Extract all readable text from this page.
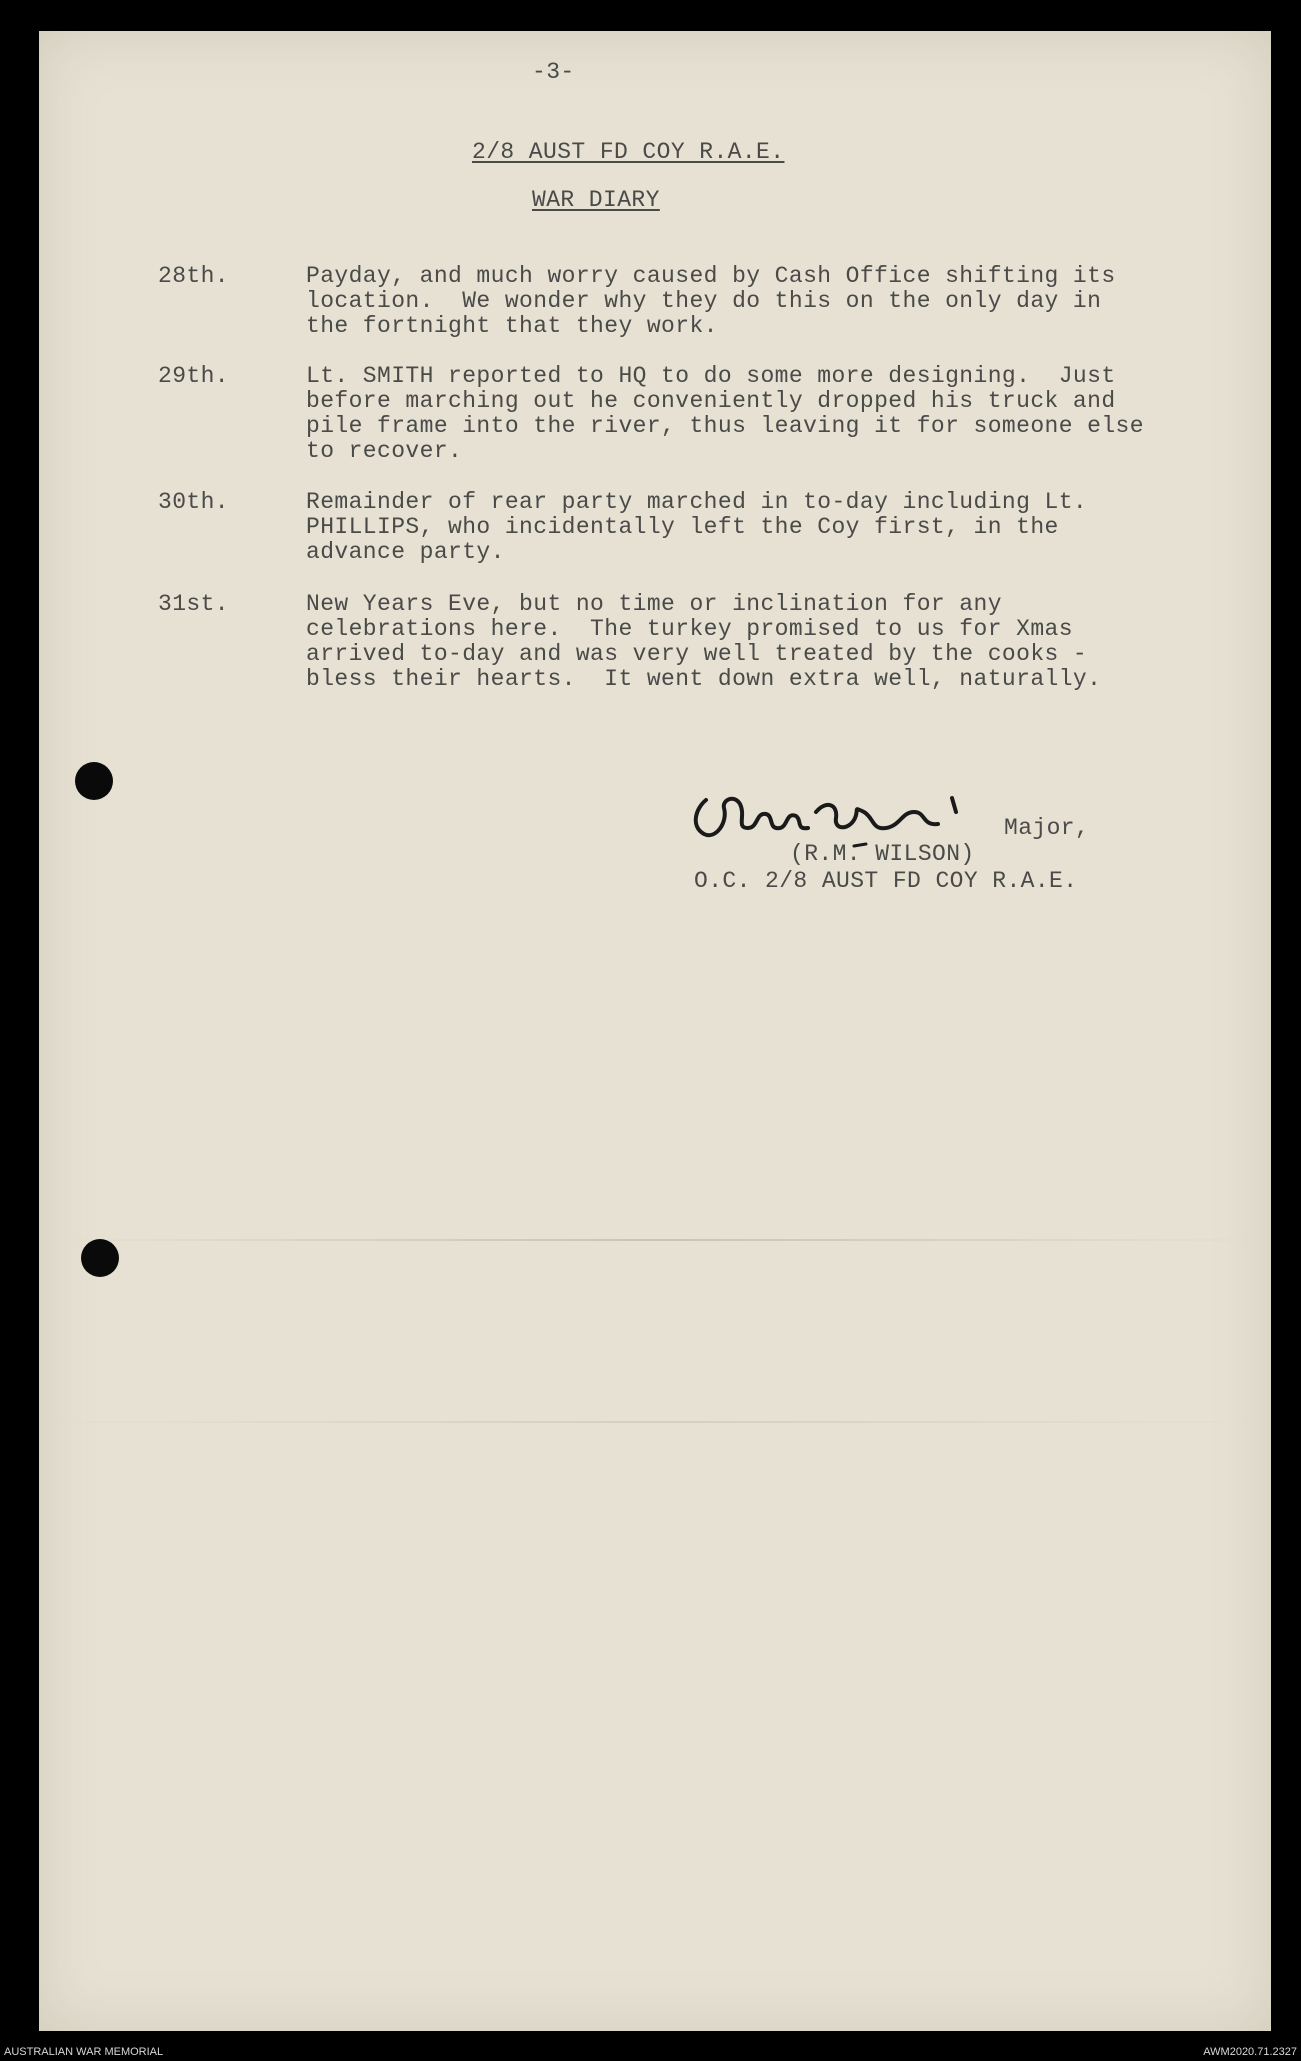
-3-
2/8 AUST FD COY R.A.E.
WAR DIARY
28th.	Payday, and much worry caused by Cash Office shifting its
location.  We wonder why they do this on the only day in
the fortnight that they work.
29th.	Lt. SMITH reported to HQ to do some more designing.  Just
before marching out he conveniently dropped his truck and
pile frame into the river, thus leaving it for someone else
to recover.
30th.	Remainder of rear party marched in to-day including Lt.
PHILLIPS, who incidentally left the Coy first, in the
advance party.
31st.	New Years Eve, but no time or inclination for any
celebrations here.  The turkey promised to us for Xmas
arrived to-day and was very well treated by the cooks -
bless their hearts.  It went down extra well, naturally.
Major,
(R.M. WILSON)
O.C. 2/8 AUST FD COY R.A.E.
AUSTRALIAN WAR MEMORIAL	AWM2020.71.2327
